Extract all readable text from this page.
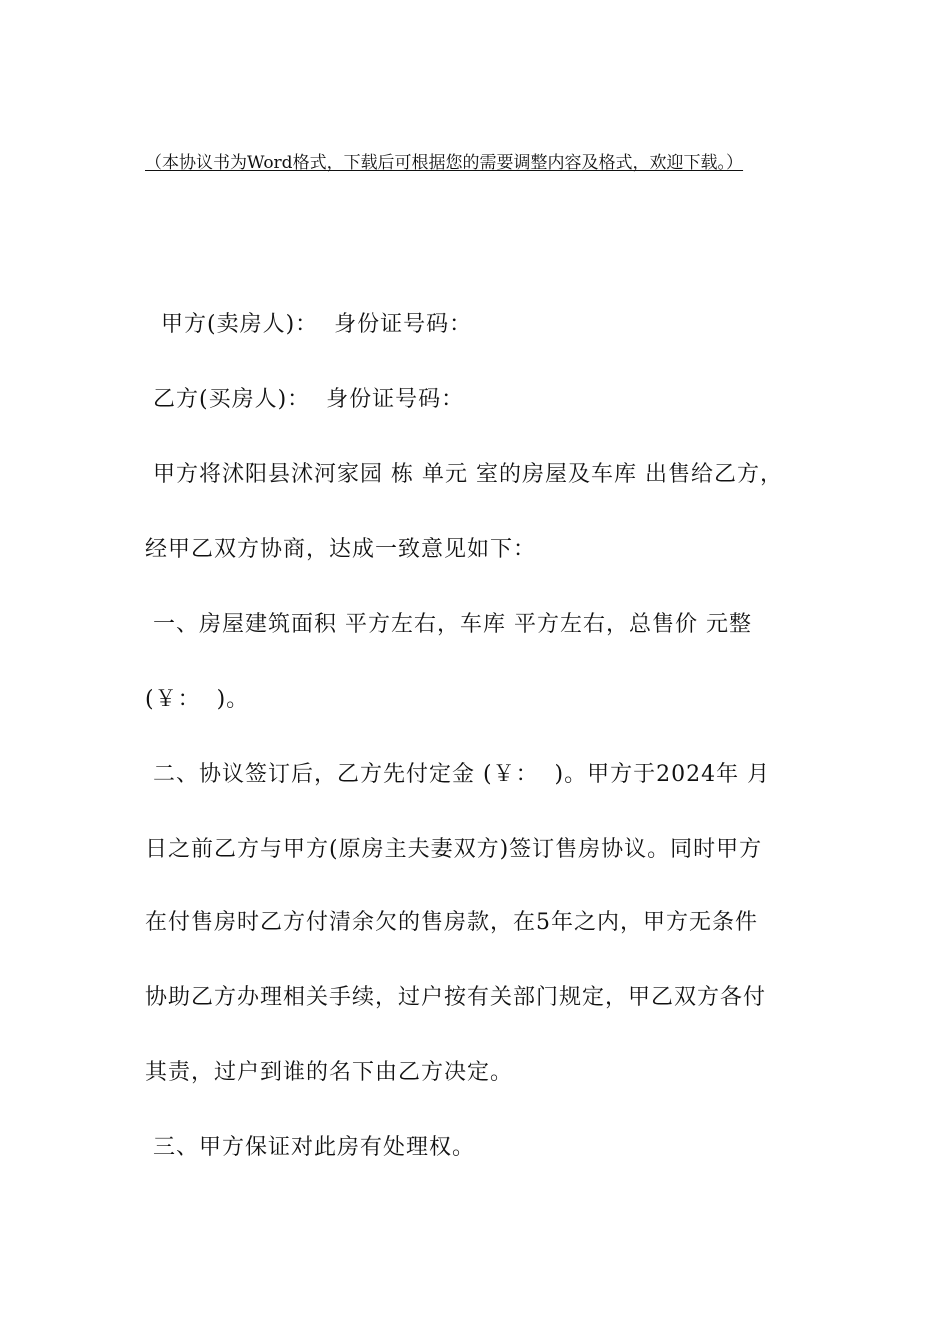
（本协议书为Word格式，下载后可根据您的需要调整内容及格式，欢迎下载。）
甲方(卖房人)：  身份证号码：
乙方(买房人)：  身份证号码：
甲方将沭阳县沭河家园 栋 单元 室的房屋及车库 出售给乙方，
经甲乙双方协商，达成一致意见如下：
一、房屋建筑面积 平方左右，车库 平方左右，总售价 元整
(￥：  )。
二、协议签订后，乙方先付定金 (￥：  )。甲方于2024年 月
日之前乙方与甲方(原房主夫妻双方)签订售房协议。同时甲方
在付售房时乙方付清余欠的售房款，在5年之内，甲方无条件
协助乙方办理相关手续，过户按有关部门规定，甲乙双方各付
其责，过户到谁的名下由乙方决定。
三、甲方保证对此房有处理权。
